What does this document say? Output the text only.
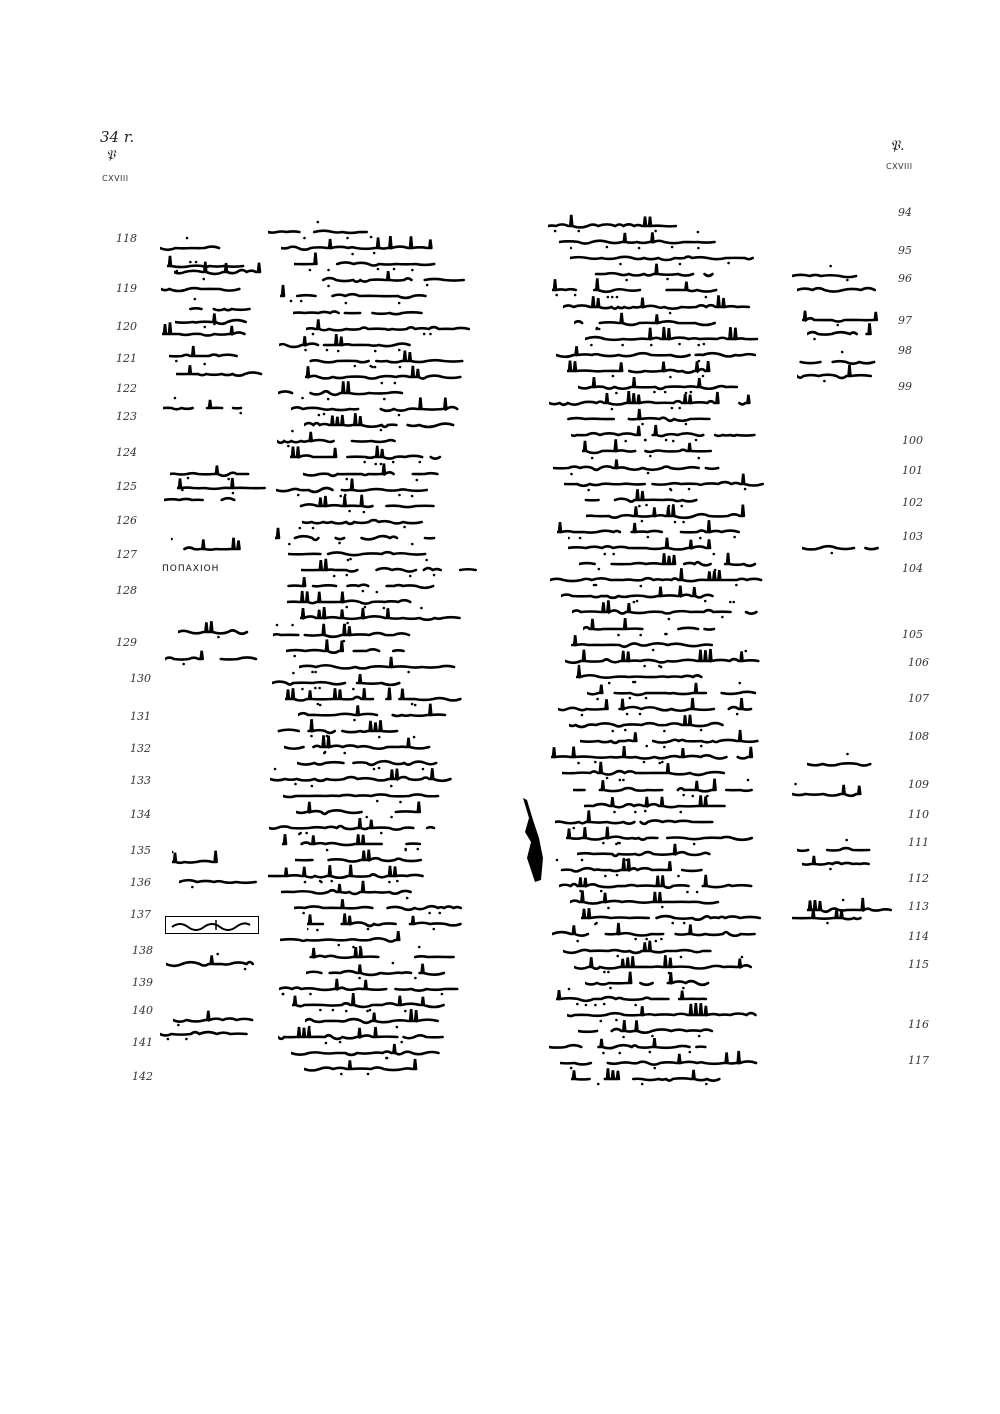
34 r.
𝔓
CXVIII
𝔓.
CXVIII
ΠΟΠΑΧΙΟΗ
118
119
120
121
122
123
124
125
126
127
128
129
130
131
132
133
134
135
136
137
138
139
140
141
142
94
95
96
97
98
99
100
101
102
103
104
105
106
107
108
109
110
111
112
113
114
115
116
117
